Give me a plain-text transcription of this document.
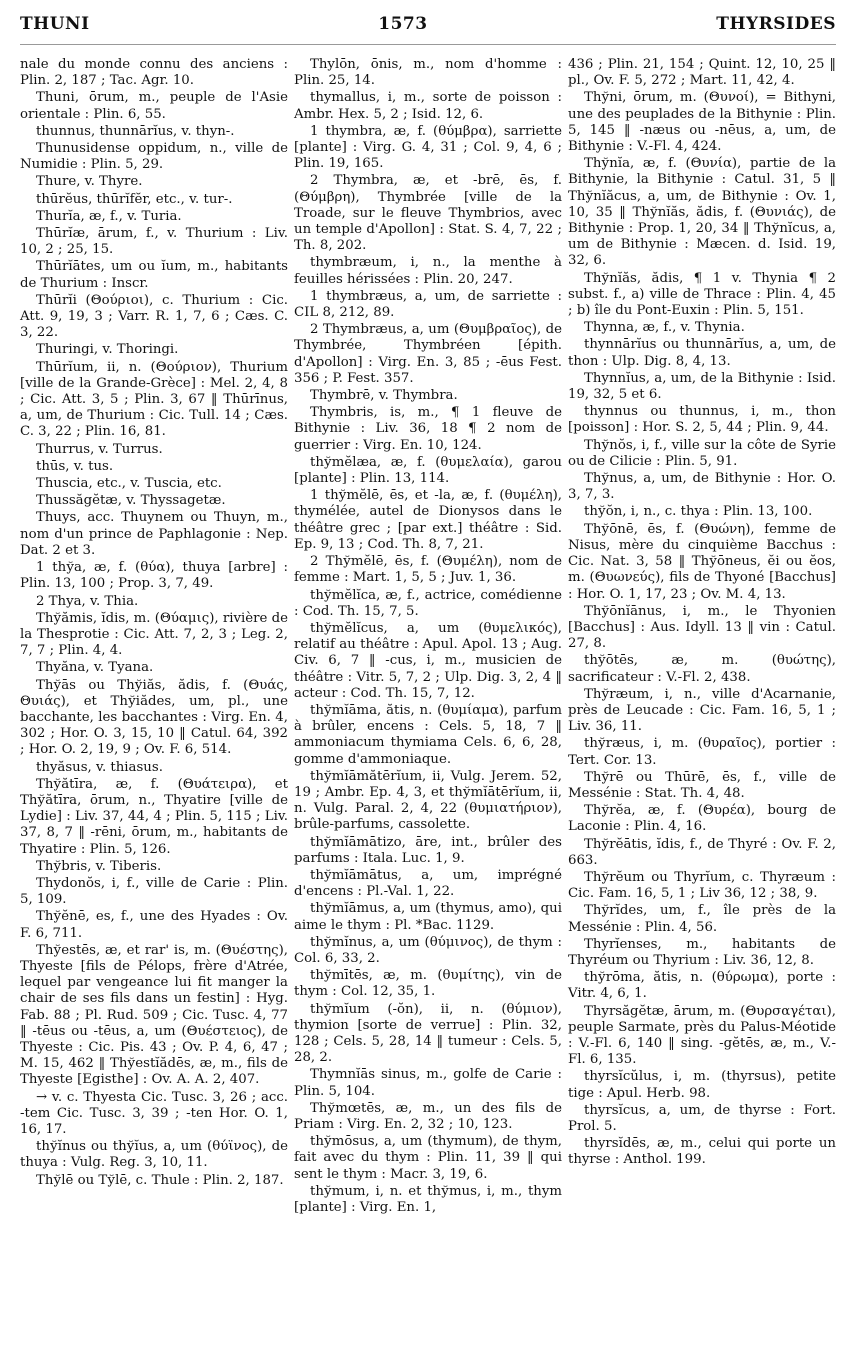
THUNI	1573	THYRSIDES

nale du monde connu des anciens : Plin. 2, 187 ; Tac. Agr. 10.

Thuni, ōrum, m., peuple de l'Asie orientale : Plin. 6, 55.

thunnus, thunnārĭus, v. thyn-.

Thunusidense oppidum, n., ville de Numidie : Plin. 5, 29.

Thure, v. Thyre.

thūrĕus, thūrĭfĕr, etc., v. tur-.

Thurĭa, æ, f., v. Turia.

Thūrĭæ, ārum, f., v. Thurium : Liv. 10, 2 ; 25, 15.

Thūrĭātes, um ou ĭum, m., habitants de Thurium : Inscr.

Thūrĭi (Θούριοι), c. Thurium : Cic. Att. 9, 19, 3 ; Varr. R. 1, 7, 6 ; Cæs. C. 3, 22.

Thuringi, v. Thoringi.

Thūrĭum, ii, n. (Θούριον), Thurium [ville de la Grande-Grèce] : Mel. 2, 4, 8 ; Cic. Att. 3, 5 ; Plin. 3, 67 ‖ Thūrīnus, a, um, de Thurium : Cic. Tull. 14 ; Cæs. C. 3, 22 ; Plin. 16, 81.

Thurrus, v. Turrus.

thūs, v. tus.

Thuscia, etc., v. Tuscia, etc.

Thussăgĕtæ, v. Thyssagetæ.

Thuys, acc. Thuynem ou Thuyn, m., nom d'un prince de Paphlagonie : Nep. Dat. 2 et 3.

1 thўa, æ, f. (θύα), thuya [arbre] : Plin. 13, 100 ; Prop. 3, 7, 49.

2 Thya, v. Thia.

Thўămis, ĭdis, m. (Θύαμις), rivière de la Thesprotie : Cic. Att. 7, 2, 3 ; Leg. 2, 7, 7 ; Plin. 4, 4.

Thyăna, v. Tyana.

Thўās ou Thўiăs, ădis, f. (Θυάς, Θυιάς), et Thўiădes, um, pl., une bacchante, les bacchantes : Virg. En. 4, 302 ; Hor. O. 3, 15, 10 ‖ Catul. 64, 392 ; Hor. O. 2, 19, 9 ; Ov. F. 6, 514.

thyăsus, v. thiasus.

Thўătīra, æ, f. (Θυάτειρα), et Thўătīra, ōrum, n., Thyatire [ville de Lydie] : Liv. 37, 44, 4 ; Plin. 5, 115 ; Liv. 37, 8, 7 ‖ -rēni, ōrum, m., habitants de Thyatire : Plin. 5, 126.

Thўbris, v. Tiberis.

Thydonŏs, i, f., ville de Carie : Plin. 5, 109.

Thўĕnē, es, f., une des Hyades : Ov. F. 6, 711.

Thўestēs, æ, et rar' is, m. (Θυέστης), Thyeste [fils de Pélops, frère d'Atrée, lequel par vengeance lui fit manger la chair de ses fils dans un festin] : Hyg. Fab. 88 ; Pl. Rud. 509 ; Cic. Tusc. 4, 77 ‖ -tēus ou -tēus, a, um (Θυέστειος), de Thyeste : Cic. Pis. 43 ; Ov. P. 4, 6, 47 ; M. 15, 462 ‖ Thўestĭădēs, æ, m., fils de Thyeste [Egisthe] : Ov. A. A. 2, 407.

→ v. c. Thyesta Cic. Tusc. 3, 26 ; acc. -tem Cic. Tusc. 3, 39 ; -ten Hor. O. 1, 16, 17.

thўĭnus ou thўĭus, a, um (θύϊνος), de thuya : Vulg. Reg. 3, 10, 11.

Thўlē ou Tўlē, c. Thule : Plin. 2, 187.

Thylōn, ōnis, m., nom d'homme : Plin. 25, 14.

thymallus, i, m., sorte de poisson : Ambr. Hex. 5, 2 ; Isid. 12, 6.

1 thymbra, æ, f. (θύμβρα), sarriette [plante] : Virg. G. 4, 31 ; Col. 9, 4, 6 ; Plin. 19, 165.

2 Thymbra, æ, et -brē, ēs, f. (Θύμβρη), Thymbrée [ville de la Troade, sur le fleuve Thymbrios, avec un temple d'Apollon] : Stat. S. 4, 7, 22 ; Th. 8, 202.

thymbræum, i, n., la menthe à feuilles hérissées : Plin. 20, 247.

1 thymbræus, a, um, de sarriette : CIL 8, 212, 89.

2 Thymbræus, a, um (Θυμβραῖος), de Thymbrée, Thymbréen [épith. d'Apollon] : Virg. En. 3, 85 ; -ēus Fest. 356 ; P. Fest. 357.

Thymbrē, v. Thymbra.

Thymbris, is, m., ¶ 1 fleuve de Bithynie : Liv. 36, 18 ¶ 2 nom de guerrier : Virg. En. 10, 124.

thўmĕlæa, æ, f. (θυμελαία), garou [plante] : Plin. 13, 114.

1 thўmĕlē, ēs, et -la, æ, f. (θυμέλη), thymélée, autel de Dionysos dans le théâtre grec ; [par ext.] théâtre : Sid. Ep. 9, 13 ; Cod. Th. 8, 7, 21.

2 Thўmĕlē, ēs, f. (Θυμέλη), nom de femme : Mart. 1, 5, 5 ; Juv. 1, 36.

thўmĕlĭca, æ, f., actrice, comédienne : Cod. Th. 15, 7, 5.

thўmĕlĭcus, a, um (θυμελικός), relatif au théâtre : Apul. Apol. 13 ; Aug. Civ. 6, 7 ‖ -cus, i, m., musicien de théâtre : Vitr. 5, 7, 2 ; Ulp. Dig. 3, 2, 4 ‖ acteur : Cod. Th. 15, 7, 12.

thўmĭāma, ătis, n. (θυμίαμα), parfum à brûler, encens : Cels. 5, 18, 7 ‖ ammoniacum thymiama Cels. 6, 6, 28, gomme d'ammoniaque.

thўmĭāmătērĭum, ii, Vulg. Jerem. 52, 19 ; Ambr. Ep. 4, 3, et thўmĭātērĭum, ii, n. Vulg. Paral. 2, 4, 22 (θυμιατήριον), brûle-parfums, cassolette.

thўmĭāmātizo, āre, int., brûler des parfums : Itala. Luc. 1, 9.

thўmĭāmātus, a, um, imprégné d'encens : Pl.-Val. 1, 22.

thўmĭāmus, a, um (thymus, amo), qui aime le thym : Pl. *Bac. 1129.

thўmĭnus, a, um (θύμινος), de thym : Col. 6, 33, 2.

thўmītēs, æ, m. (θυμίτης), vin de thym : Col. 12, 35, 1.

thўmĭum (-ŏn), ii, n. (θύμιον), thymion [sorte de verrue] : Plin. 32, 128 ; Cels. 5, 28, 14 ‖ tumeur : Cels. 5, 28, 2.

Thymnĭās sinus, m., golfe de Carie : Plin. 5, 104.

Thўmœtēs, æ, m., un des fils de Priam : Virg. En. 2, 32 ; 10, 123.

thўmōsus, a, um (thymum), de thym, fait avec du thym : Plin. 11, 39 ‖ qui sent le thym : Macr. 3, 19, 6.

thўmum, i, n. et thўmus, i, m., thym [plante] : Virg. En. 1,

436 ; Plin. 21, 154 ; Quint. 12, 10, 25 ‖ pl., Ov. F. 5, 272 ; Mart. 11, 42, 4.

Thўni, ōrum, m. (Θυνοί), = Bithyni, une des peuplades de la Bithynie : Plin. 5, 145 ‖ -næus ou -nēus, a, um, de Bithynie : V.-Fl. 4, 424.

Thўnĭa, æ, f. (Θυνία), partie de la Bithynie, la Bithynie : Catul. 31, 5 ‖ Thўnĭăcus, a, um, de Bithynie : Ov. 1, 10, 35 ‖ Thўnĭăs, ădis, f. (Θυνιάς), de Bithynie : Prop. 1, 20, 34 ‖ Thўnĭcus, a, um de Bithynie : Mæcen. d. Isid. 19, 32, 6.

Thўnĭăs, ădis, ¶ 1 v. Thynia ¶ 2 subst. f., a) ville de Thrace : Plin. 4, 45 ; b) île du Pont-Euxin : Plin. 5, 151.

Thynna, æ, f., v. Thynia.

thynnārĭus ou thunnārĭus, a, um, de thon : Ulp. Dig. 8, 4, 13.

Thynnĭus, a, um, de la Bithynie : Isid. 19, 32, 5 et 6.

thynnus ou thunnus, i, m., thon [poisson] : Hor. S. 2, 5, 44 ; Plin. 9, 44.

Thўnŏs, i, f., ville sur la côte de Syrie ou de Cilicie : Plin. 5, 91.

Thўnus, a, um, de Bithynie : Hor. O. 3, 7, 3.

thўŏn, i, n., c. thya : Plin. 13, 100.

Thўōnē, ēs, f. (Θυώνη), femme de Nisus, mère du cinquième Bacchus : Cic. Nat. 3, 58 ‖ Thўōneus, ĕi ou ĕos, m. (Θυωνεύς), fils de Thyoné [Bacchus] : Hor. O. 1, 17, 23 ; Ov. M. 4, 13.

Thўōnĭānus, i, m., le Thyonien [Bacchus] : Aus. Idyll. 13 ‖ vin : Catul. 27, 8.

thўōtēs, æ, m. (θυώτης), sacrificateur : V.-Fl. 2, 438.

Thўræum, i, n., ville d'Acarnanie, près de Leucade : Cic. Fam. 16, 5, 1 ; Liv. 36, 11.

thўræus, i, m. (θυραῖος), portier : Tert. Cor. 13.

Thўrē ou Thūrē, ēs, f., ville de Messénie : Stat. Th. 4, 48.

Thўrĕa, æ, f. (Θυρέα), bourg de Laconie : Plin. 4, 16.

Thўrĕātis, ĭdis, f., de Thyré : Ov. F. 2, 663.

Thўrĕum ou Thyrĭum, c. Thyræum : Cic. Fam. 16, 5, 1 ; Liv 36, 12 ; 38, 9.

Thўrĭdes, um, f., île près de la Messénie : Plin. 4, 56.

Thyrĭenses, m., habitants de Thyréum ou Thyrium : Liv. 36, 12, 8.

thўrōma, ătis, n. (θύρωμα), porte : Vitr. 4, 6, 1.

Thyrsăgĕtæ, ārum, m. (Θυρσαγέται), peuple Sarmate, près du Palus-Méotide : V.-Fl. 6, 140 ‖ sing. -gĕtēs, æ, m., V.-Fl. 6, 135.

thyrsĭcŭlus, i, m. (thyrsus), petite tige : Apul. Herb. 98.

thyrsĭcus, a, um, de thyrse : Fort. Prol. 5.

thyrsĭdēs, æ, m., celui qui porte un thyrse : Anthol. 199.
